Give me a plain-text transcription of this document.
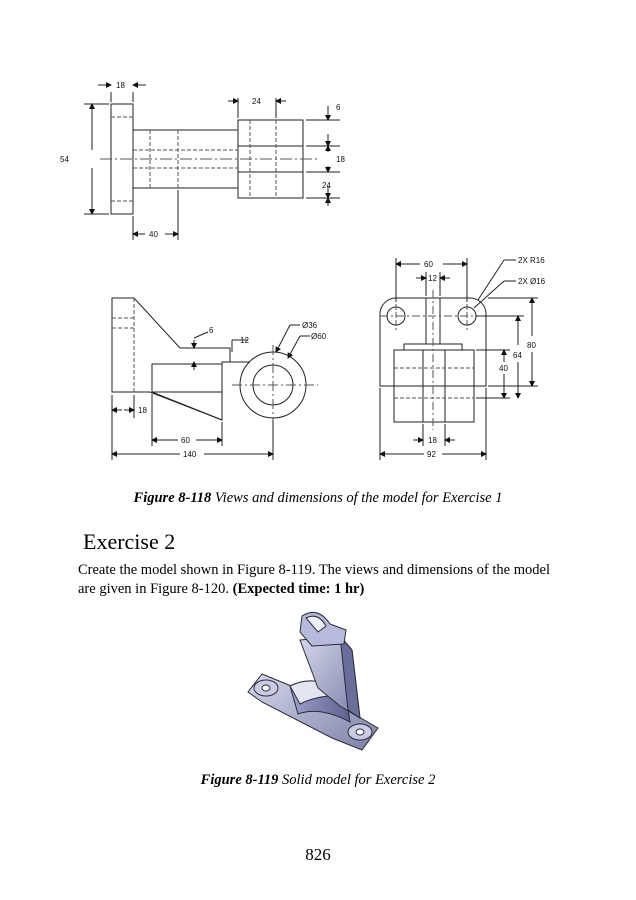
18
24
6
54	18
24
40
6
12
Ø36
Ø60
18
60
140
2X R16
2X Ø16
60
12
80
64
40
18
92
Figure 8-118 Views and dimensions of the model for Exercise 1
Exercise 2
Create the model shown in Figure 8-119. The views and dimensions of the model are given in Figure 8-120. (Expected time: 1 hr)
Figure 8-119 Solid model for Exercise 2
826
